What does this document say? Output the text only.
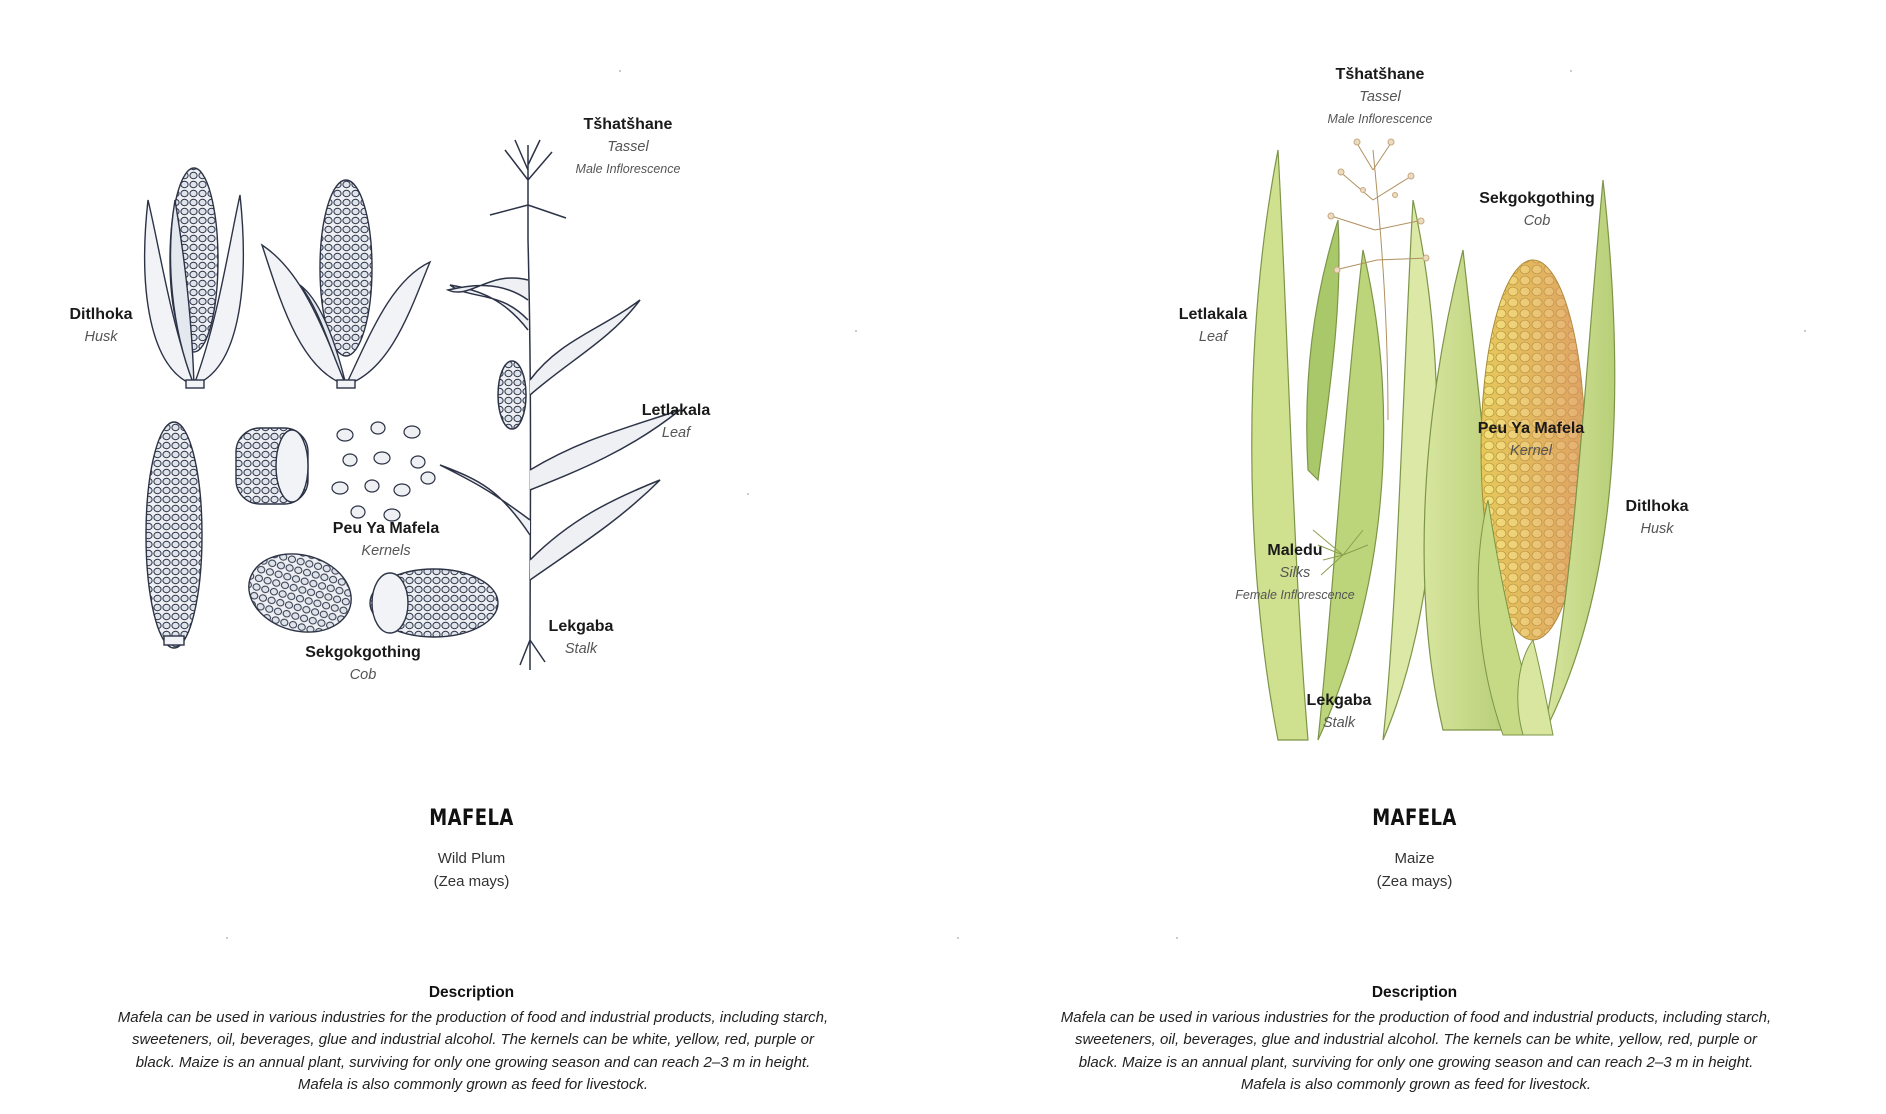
Tšhatšhane
Tassel
Male Inflorescence
Ditlhoka
Husk
Letlakala
Leaf
Peu Ya Mafela
Kernels
Lekgaba
Stalk
Sekgokgothing
Cob
MAFELA
Wild Plum
(Zea mays)
Description
Mafela can be used in various industries for the production of food and industrial products, including starch, sweeteners, oil, beverages, glue and industrial alcohol. The kernels can be white, yellow, red, purple or black. Maize is an annual plant, surviving for only one growing season and can reach 2–3 m in height. Mafela is also commonly grown as feed for livestock.
Tšhatšhane
Tassel
Male Inflorescence
Sekgokgothing
Cob
Letlakala
Leaf
Peu Ya Mafela
Kernel
Ditlhoka
Husk
Maledu
Silks
Female Inflorescence
Lekgaba
Stalk
MAFELA
Maize
(Zea mays)
Description
Mafela can be used in various industries for the production of food and industrial products, including starch, sweeteners, oil, beverages, glue and industrial alcohol. The kernels can be white, yellow, red, purple or black. Maize is an annual plant, surviving for only one growing season and can reach 2–3 m in height. Mafela is also commonly grown as feed for livestock.
